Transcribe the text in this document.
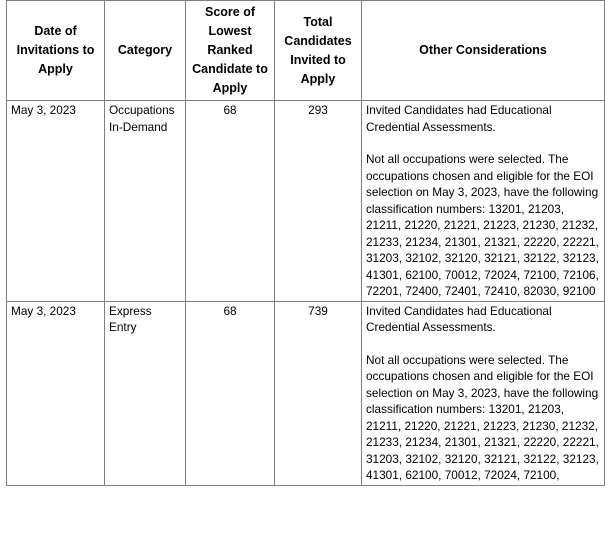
Date of Invitations to Apply	Category	Score of Lowest Ranked Candidate to Apply	Total Candidates Invited to Apply	Other Considerations
May 3, 2023	Occupations In-Demand	68	293	Invited Candidates had Educational Credential Assessments.
Not all occupations were selected. The occupations chosen and eligible for the EOI selection on May 3, 2023, have the following classification numbers: 13201, 21203, 21211, 21220, 21221, 21223, 21230, 21232, 21233, 21234, 21301, 21321, 22220, 22221, 31203, 32102, 32120, 32121, 32122, 32123, 41301, 62100, 70012, 72024, 72100, 72106, 72201, 72400, 72401, 72410, 82030, 92100

May 3, 2023	Express Entry	68	739	Invited Candidates had Educational Credential Assessments.
Not all occupations were selected. The occupations chosen and eligible for the EOI selection on May 3, 2023, have the following classification numbers: 13201, 21203, 21211, 21220, 21221, 21223, 21230, 21232, 21233, 21234, 21301, 21321, 22220, 22221, 31203, 32102, 32120, 32121, 32122, 32123, 41301, 62100, 70012, 72024, 72100,
